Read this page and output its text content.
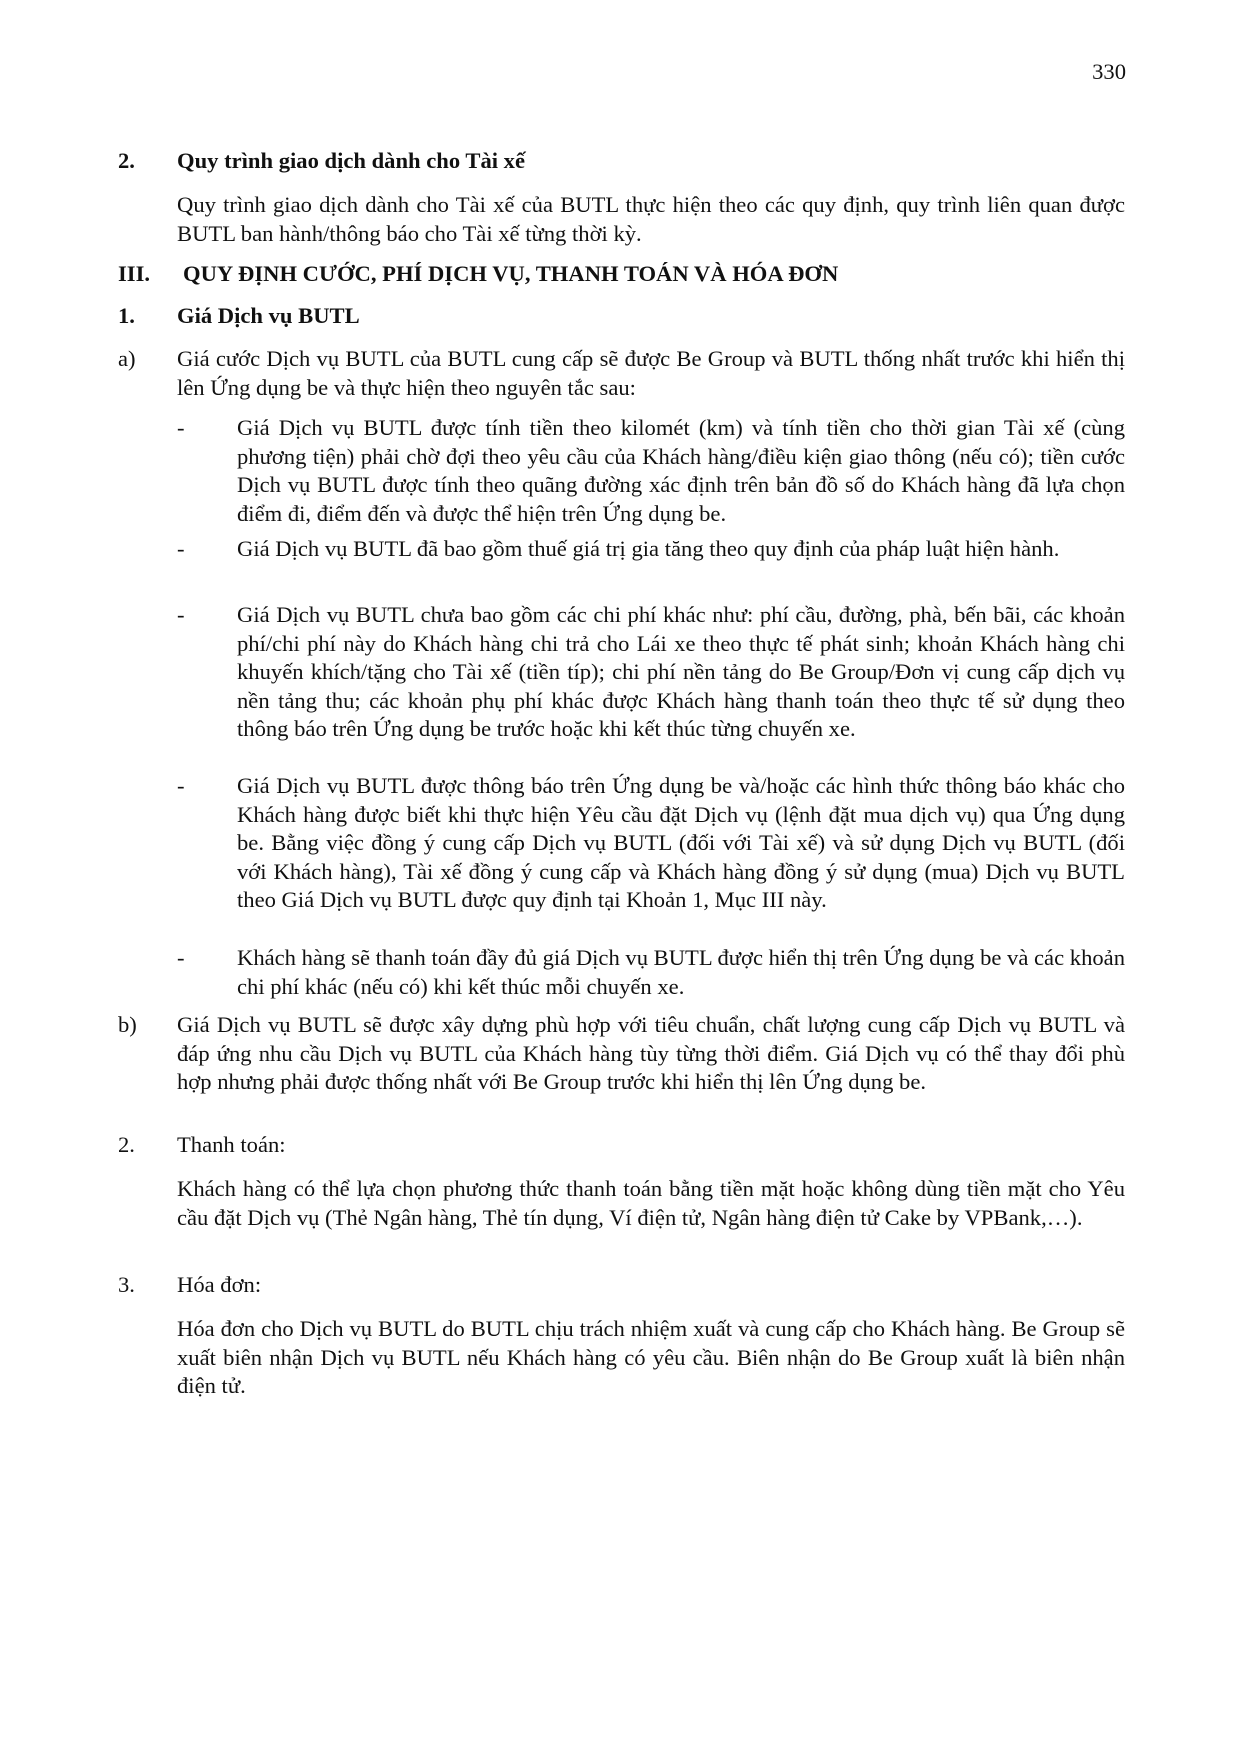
330
2. Quy trình giao dịch dành cho Tài xế
Quy trình giao dịch dành cho Tài xế của BUTL thực hiện theo các quy định, quy trình liên quan được BUTL ban hành/thông báo cho Tài xế từng thời kỳ.
III. QUY ĐỊNH CƯỚC, PHÍ DỊCH VỤ, THANH TOÁN VÀ HÓA ĐƠN
1. Giá Dịch vụ BUTL
a) Giá cước Dịch vụ BUTL của BUTL cung cấp sẽ được Be Group và BUTL thống nhất trước khi hiển thị lên Ứng dụng be và thực hiện theo nguyên tắc sau:
- Giá Dịch vụ BUTL được tính tiền theo kilomét (km) và tính tiền cho thời gian Tài xế (cùng phương tiện) phải chờ đợi theo yêu cầu của Khách hàng/điều kiện giao thông (nếu có); tiền cước Dịch vụ BUTL được tính theo quãng đường xác định trên bản đồ số do Khách hàng đã lựa chọn điểm đi, điểm đến và được thể hiện trên Ứng dụng be.
- Giá Dịch vụ BUTL đã bao gồm thuế giá trị gia tăng theo quy định của pháp luật hiện hành.
- Giá Dịch vụ BUTL chưa bao gồm các chi phí khác như: phí cầu, đường, phà, bến bãi, các khoản phí/chi phí này do Khách hàng chi trả cho Lái xe theo thực tế phát sinh; khoản Khách hàng chi khuyến khích/tặng cho Tài xế (tiền típ); chi phí nền tảng do Be Group/Đơn vị cung cấp dịch vụ nền tảng thu; các khoản phụ phí khác được Khách hàng thanh toán theo thực tế sử dụng theo thông báo trên Ứng dụng be trước hoặc khi kết thúc từng chuyến xe.
- Giá Dịch vụ BUTL được thông báo trên Ứng dụng be và/hoặc các hình thức thông báo khác cho Khách hàng được biết khi thực hiện Yêu cầu đặt Dịch vụ (lệnh đặt mua dịch vụ) qua Ứng dụng be. Bằng việc đồng ý cung cấp Dịch vụ BUTL (đối với Tài xế) và sử dụng Dịch vụ BUTL (đối với Khách hàng), Tài xế đồng ý cung cấp và Khách hàng đồng ý sử dụng (mua) Dịch vụ BUTL theo Giá Dịch vụ BUTL được quy định tại Khoản 1, Mục III này.
- Khách hàng sẽ thanh toán đầy đủ giá Dịch vụ BUTL được hiển thị trên Ứng dụng be và các khoản chi phí khác (nếu có) khi kết thúc mỗi chuyến xe.
b) Giá Dịch vụ BUTL sẽ được xây dựng phù hợp với tiêu chuẩn, chất lượng cung cấp Dịch vụ BUTL và đáp ứng nhu cầu Dịch vụ BUTL của Khách hàng tùy từng thời điểm. Giá Dịch vụ có thể thay đổi phù hợp nhưng phải được thống nhất với Be Group trước khi hiển thị lên Ứng dụng be.
2. Thanh toán:
Khách hàng có thể lựa chọn phương thức thanh toán bằng tiền mặt hoặc không dùng tiền mặt cho Yêu cầu đặt Dịch vụ (Thẻ Ngân hàng, Thẻ tín dụng, Ví điện tử, Ngân hàng điện tử Cake by VPBank,…).
3. Hóa đơn:
Hóa đơn cho Dịch vụ BUTL do BUTL chịu trách nhiệm xuất và cung cấp cho Khách hàng. Be Group sẽ xuất biên nhận Dịch vụ BUTL nếu Khách hàng có yêu cầu. Biên nhận do Be Group xuất là biên nhận điện tử.
